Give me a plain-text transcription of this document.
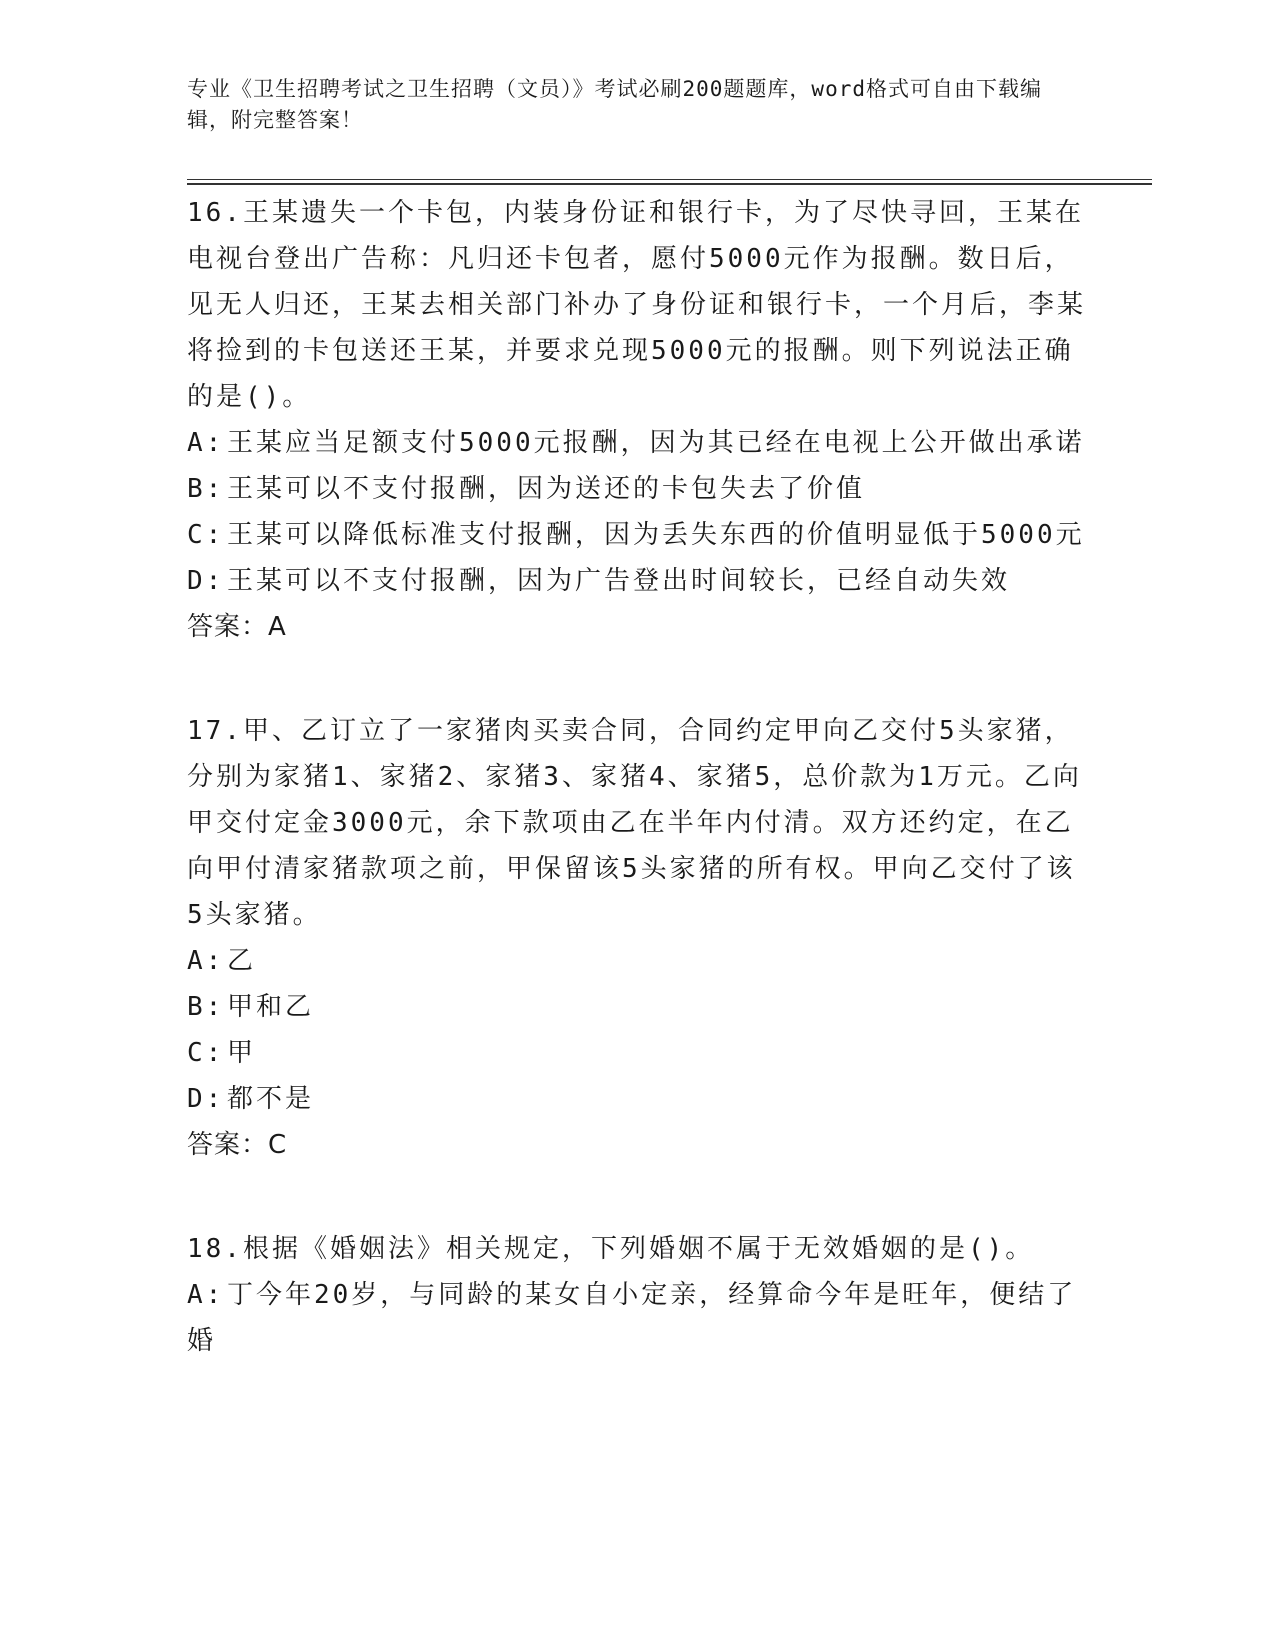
专业《卫生招聘考试之卫生招聘（文员）》考试必刷200题题库，word格式可自由下载编辑，附完整答案！
16.王某遗失一个卡包，内装身份证和银行卡，为了尽快寻回，王某在电视台登出广告称：凡归还卡包者，愿付5000元作为报酬。数日后，见无人归还，王某去相关部门补办了身份证和银行卡，一个月后，李某将捡到的卡包送还王某，并要求兑现5000元的报酬。则下列说法正确的是()。
A: 王某应当足额支付5000元报酬，因为其已经在电视上公开做出承诺
B: 王某可以不支付报酬，因为送还的卡包失去了价值
C: 王某可以降低标准支付报酬，因为丢失东西的价值明显低于5000元
D: 王某可以不支付报酬，因为广告登出时间较长，已经自动失效
答案：A
17.甲、乙订立了一家猪肉买卖合同，合同约定甲向乙交付5头家猪，分别为家猪1、家猪2、家猪3、家猪4、家猪5，总价款为1万元。乙向甲交付定金3000元，余下款项由乙在半年内付清。双方还约定，在乙向甲付清家猪款项之前，甲保留该5头家猪的所有权。甲向乙交付了该5头家猪。
A: 乙
B: 甲和乙
C: 甲
D: 都不是
答案：C
18.根据《婚姻法》相关规定，下列婚姻不属于无效婚姻的是()。
A: 丁今年20岁，与同龄的某女自小定亲，经算命今年是旺年，便结了婚
